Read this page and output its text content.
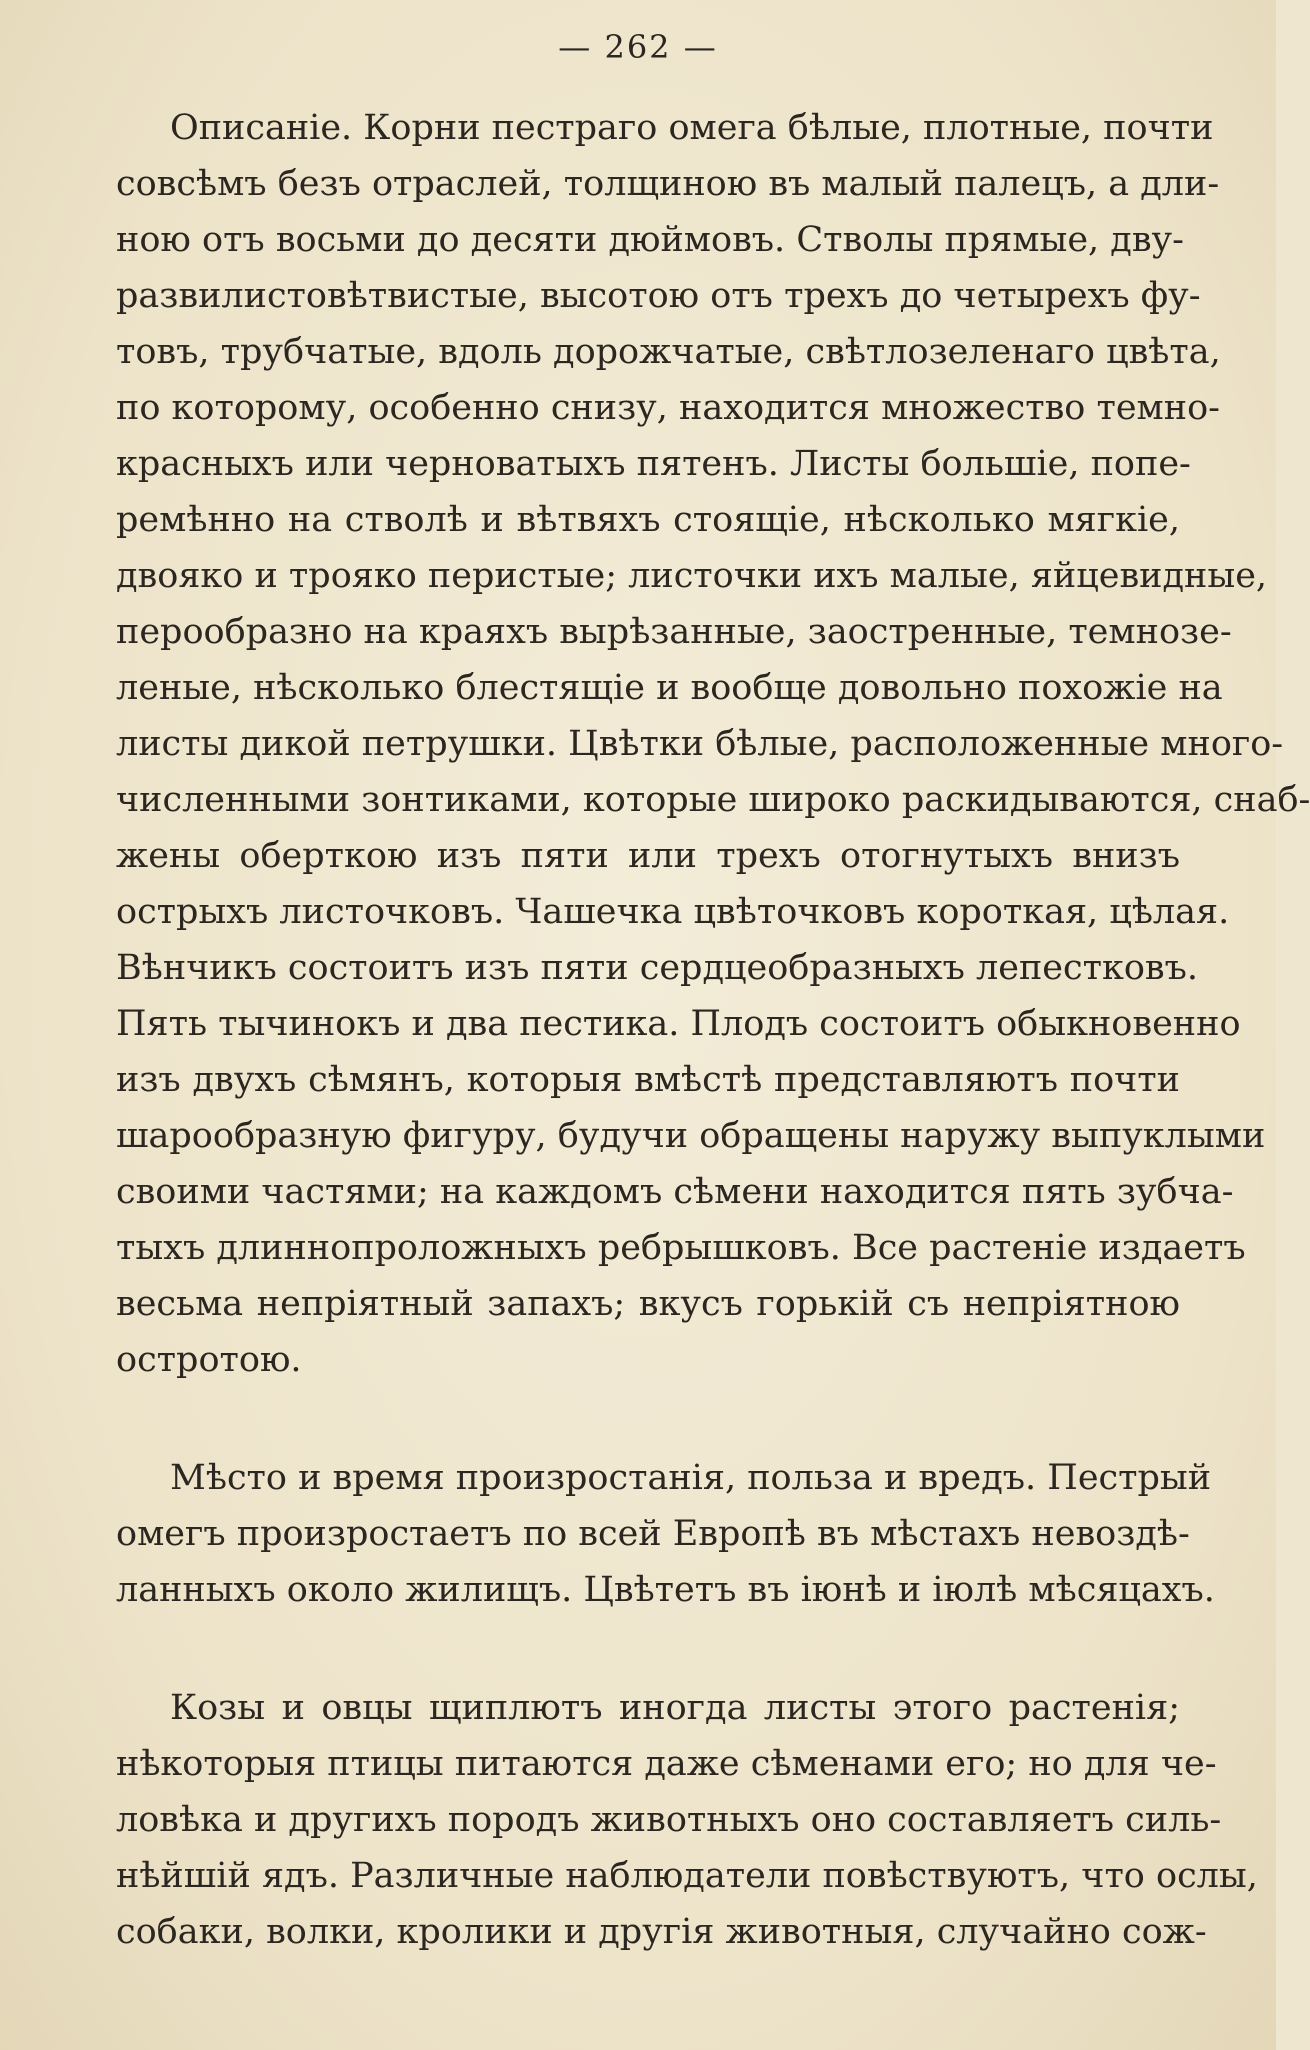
— 262 —
Описаніе. Корни пестраго омега бѣлые, плотные, почти
совсѣмъ безъ отраслей, толщиною въ малый палецъ, а дли-
ною отъ восьми до десяти дюймовъ. Стволы прямые, дву-
развилистовѣтвистые, высотою отъ трехъ до четырехъ фу-
товъ, трубчатые, вдоль дорожчатые, свѣтлозеленаго цвѣта,
по которому, особенно снизу, находится множество темно-
красныхъ или черноватыхъ пятенъ. Листы большіе, попе-
ремѣнно на стволѣ и вѣтвяхъ стоящіе, нѣсколько мягкіе,
двояко и трояко перистые; листочки ихъ малые, яйцевидные,
перообразно на краяхъ вырѣзанные, заостренные, темнозе-
леные, нѣсколько блестящіе и вообще довольно похожіе на
листы дикой петрушки. Цвѣтки бѣлые, расположенные много-
численными зонтиками, которые широко раскидываются, снаб-
жены оберткою изъ пяти или трехъ отогнутыхъ внизъ
острыхъ листочковъ. Чашечка цвѣточковъ короткая, цѣлая.
Вѣнчикъ состоитъ изъ пяти сердцеобразныхъ лепестковъ.
Пять тычинокъ и два пестика. Плодъ состоитъ обыкновенно
изъ двухъ сѣмянъ, которыя вмѣстѣ представляютъ почти
шарообразную фигуру, будучи обращены наружу выпуклыми
своими частями; на каждомъ сѣмени находится пять зубча-
тыхъ длиннопроложныхъ ребрышковъ. Все растеніе издаетъ
весьма непріятный запахъ; вкусъ горькій съ непріятною
остротою.
Мѣсто и время произростанія, польза и вредъ. Пестрый
омегъ произростаетъ по всей Европѣ въ мѣстахъ невоздѣ-
ланныхъ около жилищъ. Цвѣтетъ въ іюнѣ и іюлѣ мѣсяцахъ.
Козы и овцы щиплютъ иногда листы этого растенія;
нѣкоторыя птицы питаются даже сѣменами его; но для че-
ловѣка и другихъ породъ животныхъ оно составляетъ силь-
нѣйшій ядъ. Различные наблюдатели повѣствуютъ, что ослы,
собаки, волки, кролики и другія животныя, случайно сож-
